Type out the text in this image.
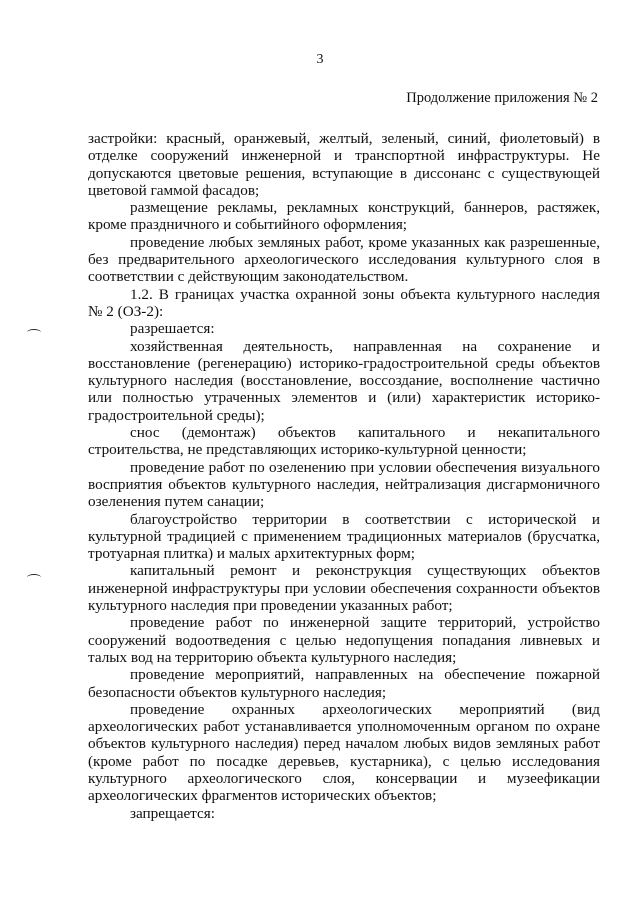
3
Продолжение приложения № 2

застройки: красный, оранжевый, желтый, зеленый, синий, фиолетовый) в отделке сооружений инженерной и транспортной инфраструктуры. Не допускаются цветовые решения, вступающие в диссонанс с существующей цветовой гаммой фасадов;

размещение рекламы, рекламных конструкций, баннеров, растяжек, кроме праздничного и событийного оформления;

проведение любых земляных работ, кроме указанных как разрешенные, без предварительного археологического исследования культурного слоя в соответствии с действующим законодательством.

1.2. В границах участка охранной зоны объекта культурного наследия № 2 (ОЗ-2):

разрешается:

хозяйственная деятельность, направленная на сохранение и восстановление (регенерацию) историко-градостроительной среды объектов культурного наследия (восстановление, воссоздание, восполнение частично или полностью утраченных элементов и (или) характеристик историко-градостроительной среды);

снос (демонтаж) объектов капитального и некапитального строительства, не представляющих историко-культурной ценности;

проведение работ по озеленению при условии обеспечения визуального восприятия объектов культурного наследия, нейтрализация дисгармоничного озеленения путем санации;

благоустройство территории в соответствии с исторической и культурной традицией с применением традиционных материалов (брусчатка, тротуарная плитка) и малых архитектурных форм;

капитальный ремонт и реконструкция существующих объектов инженерной инфраструктуры при условии обеспечения сохранности объектов культурного наследия при проведении указанных работ;

проведение работ по инженерной защите территорий, устройство сооружений водоотведения с целью недопущения попадания ливневых и талых вод на территорию объекта культурного наследия;

проведение мероприятий, направленных на обеспечение пожарной безопасности объектов культурного наследия;

проведение охранных археологических мероприятий (вид археологических работ устанавливается уполномоченным органом по охране объектов культурного наследия) перед началом любых видов земляных работ (кроме работ по посадке деревьев, кустарника), с целью исследования культурного археологического слоя, консервации и музеефикации археологических фрагментов исторических объектов;

запрещается:
